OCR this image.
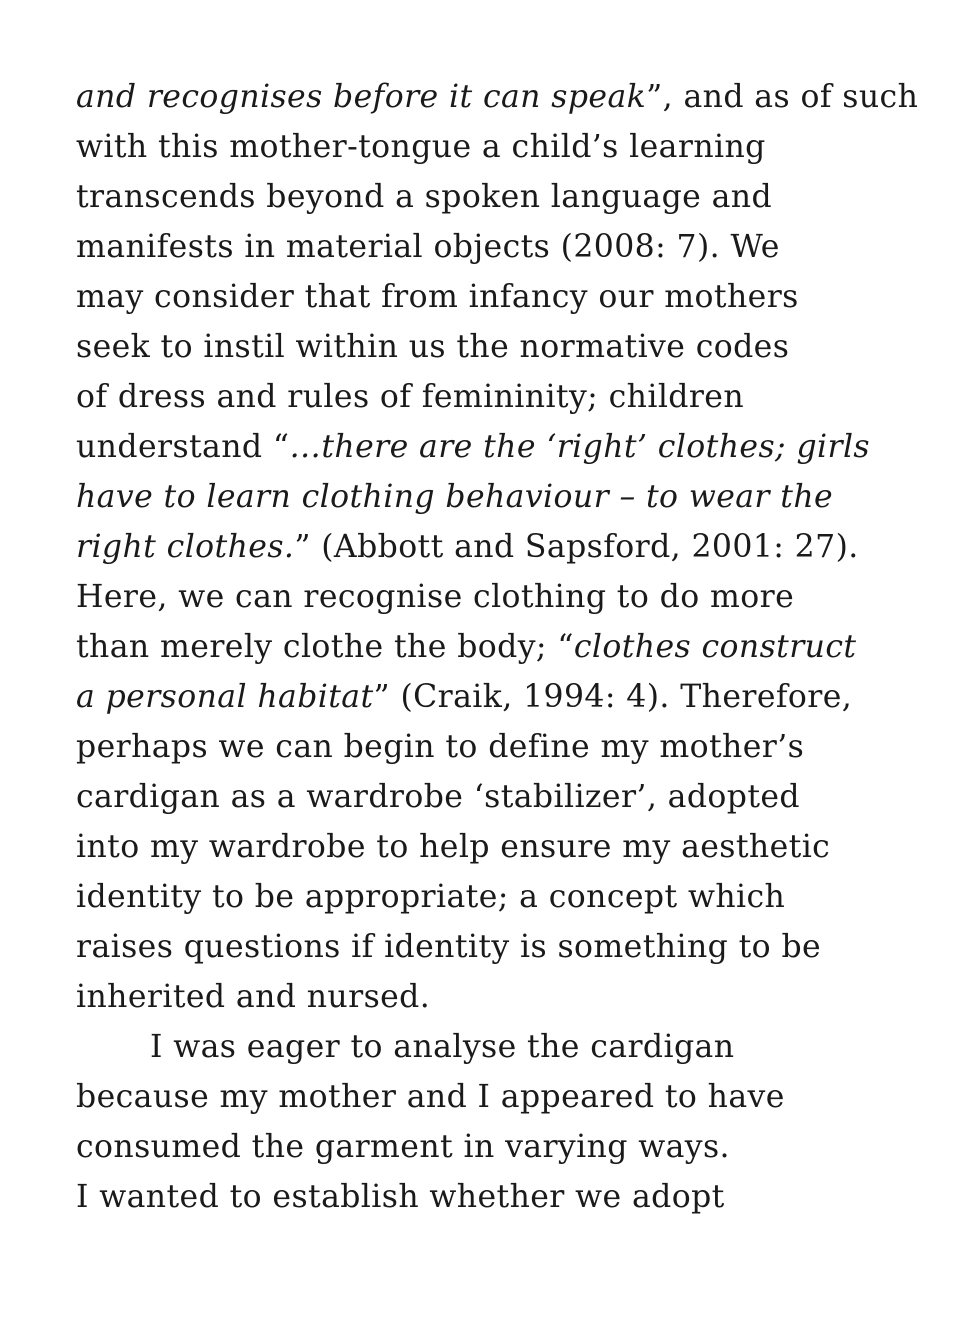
and recognises before it can speak”, and as of such
with this mother-tongue a child’s learning
transcends beyond a spoken language and
manifests in material objects (2008: 7). We
may consider that from infancy our mothers
seek to instil within us the normative codes
of dress and rules of femininity; children
understand “…there are the ‘right’ clothes; girls
have to learn clothing behaviour – to wear the
right clothes.” (Abbott and Sapsford, 2001: 27).
Here, we can recognise clothing to do more
than merely clothe the body; “clothes construct
a personal habitat” (Craik, 1994: 4). Therefore,
perhaps we can begin to define my mother’s
cardigan as a wardrobe ‘stabilizer’, adopted
into my wardrobe to help ensure my aesthetic
identity to be appropriate; a concept which
raises questions if identity is something to be
inherited and nursed.
I was eager to analyse the cardigan
because my mother and I appeared to have
consumed the garment in varying ways.
I wanted to establish whether we adopt
